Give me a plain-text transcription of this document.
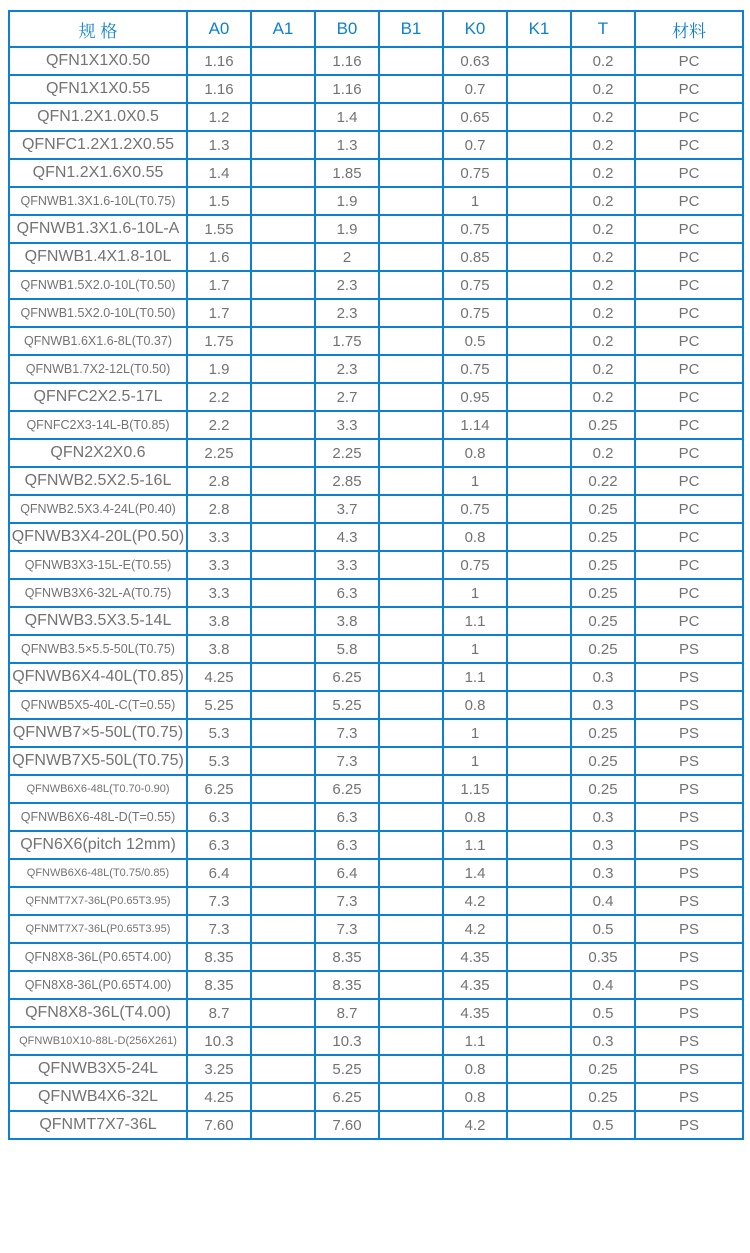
规 格	A0	A1	B0	B1	K0	K1	T	材料
QFN1X1X0.50	1.16		1.16		0.63		0.2	PC
QFN1X1X0.55	1.16		1.16		0.7		0.2	PC
QFN1.2X1.0X0.5	1.2		1.4		0.65		0.2	PC
QFNFC1.2X1.2X0.55	1.3		1.3		0.7		0.2	PC
QFN1.2X1.6X0.55	1.4		1.85		0.75		0.2	PC
QFNWB1.3X1.6-10L(T0.75)	1.5		1.9		1		0.2	PC
QFNWB1.3X1.6-10L-A	1.55		1.9		0.75		0.2	PC
QFNWB1.4X1.8-10L	1.6		2		0.85		0.2	PC
QFNWB1.5X2.0-10L(T0.50)	1.7		2.3		0.75		0.2	PC
QFNWB1.5X2.0-10L(T0.50)	1.7		2.3		0.75		0.2	PC
QFNWB1.6X1.6-8L(T0.37)	1.75		1.75		0.5		0.2	PC
QFNWB1.7X2-12L(T0.50)	1.9		2.3		0.75		0.2	PC
QFNFC2X2.5-17L	2.2		2.7		0.95		0.2	PC
QFNFC2X3-14L-B(T0.85)	2.2		3.3		1.14		0.25	PC
QFN2X2X0.6	2.25		2.25		0.8		0.2	PC
QFNWB2.5X2.5-16L	2.8		2.85		1		0.22	PC
QFNWB2.5X3.4-24L(P0.40)	2.8		3.7		0.75		0.25	PC
QFNWB3X4-20L(P0.50)	3.3		4.3		0.8		0.25	PC
QFNWB3X3-15L-E(T0.55)	3.3		3.3		0.75		0.25	PC
QFNWB3X6-32L-A(T0.75)	3.3		6.3		1		0.25	PC
QFNWB3.5X3.5-14L	3.8		3.8		1.1		0.25	PC
QFNWB3.5×5.5-50L(T0.75)	3.8		5.8		1		0.25	PS
QFNWB6X4-40L(T0.85)	4.25		6.25		1.1		0.3	PS
QFNWB5X5-40L-C(T=0.55)	5.25		5.25		0.8		0.3	PS
QFNWB7×5-50L(T0.75)	5.3		7.3		1		0.25	PS
QFNWB7X5-50L(T0.75)	5.3		7.3		1		0.25	PS
QFNWB6X6-48L(T0.70-0.90)	6.25		6.25		1.15		0.25	PS
QFNWB6X6-48L-D(T=0.55)	6.3		6.3		0.8		0.3	PS
QFN6X6(pitch 12mm)	6.3		6.3		1.1		0.3	PS
QFNWB6X6-48L(T0.75/0.85)	6.4		6.4		1.4		0.3	PS
QFNMT7X7-36L(P0.65T3.95)	7.3		7.3		4.2		0.4	PS
QFNMT7X7-36L(P0.65T3.95)	7.3		7.3		4.2		0.5	PS
QFN8X8-36L(P0.65T4.00)	8.35		8.35		4.35		0.35	PS
QFN8X8-36L(P0.65T4.00)	8.35		8.35		4.35		0.4	PS
QFN8X8-36L(T4.00)	8.7		8.7		4.35		0.5	PS
QFNWB10X10-88L-D(256X261)	10.3		10.3		1.1		0.3	PS
QFNWB3X5-24L	3.25		5.25		0.8		0.25	PS
QFNWB4X6-32L	4.25		6.25		0.8		0.25	PS
QFNMT7X7-36L	7.60		7.60		4.2		0.5	PS
